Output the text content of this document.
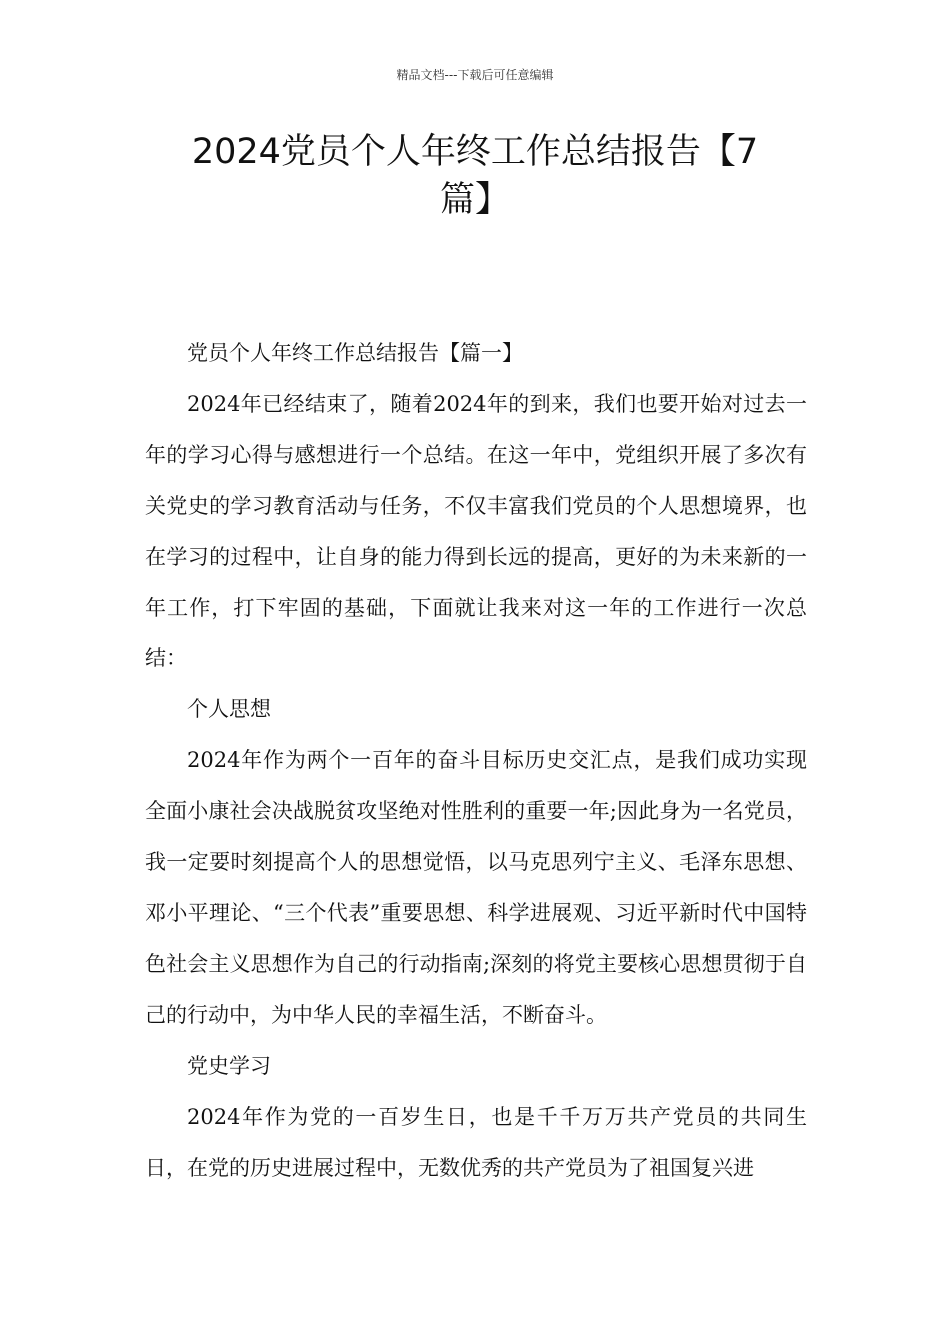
精品文档---下载后可任意编辑
2024党员个人年终工作总结报告【7
篇】

党员个人年终工作总结报告【篇一】

2024年已经结束了，随着2024年的到来，我们也要开始对过去一年的学习心得与感想进行一个总结。在这一年中，党组织开展了多次有关党史的学习教育活动与任务，不仅丰富我们党员的个人思想境界，也在学习的过程中，让自身的能力得到长远的提高，更好的为未来新的一年工作，打下牢固的基础，下面就让我来对这一年的工作进行一次总结：

个人思想

2024年作为两个一百年的奋斗目标历史交汇点，是我们成功实现全面小康社会决战脱贫攻坚绝对性胜利的重要一年;因此身为一名党员，我一定要时刻提高个人的思想觉悟，以马克思列宁主义、毛泽东思想、邓小平理论、“三个代表”重要思想、科学进展观、习近平新时代中国特色社会主义思想作为自己的行动指南;深刻的将党主要核心思想贯彻于自己的行动中，为中华人民的幸福生活，不断奋斗。

党史学习

2024年作为党的一百岁生日，也是千千万万共产党员的共同生日，在党的历史进展过程中，无数优秀的共产党员为了祖国复兴进
